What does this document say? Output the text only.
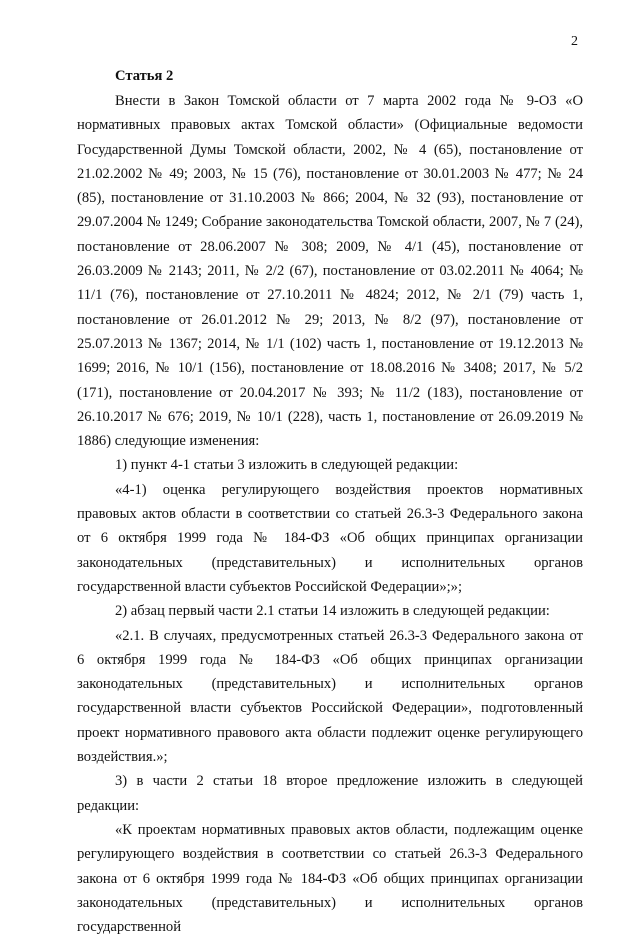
2
Статья 2

Внести в Закон Томской области от 7 марта 2002 года № 9-ОЗ «О нормативных правовых актах Томской области» (Официальные ведомости Государственной Думы Томской области, 2002, № 4 (65), постановление от 21.02.2002 № 49; 2003, № 15 (76), постановление от 30.01.2003 № 477; № 24 (85), постановление от 31.10.2003 № 866; 2004, № 32 (93), постановление от 29.07.2004 № 1249; Собрание законодательства Томской области, 2007, № 7 (24), постановление от 28.06.2007 № 308; 2009, № 4/1 (45), постановление от 26.03.2009 № 2143; 2011, № 2/2 (67), постановление от 03.02.2011 № 4064; № 11/1 (76), постановление от 27.10.2011 № 4824; 2012, № 2/1 (79) часть 1, постановление от 26.01.2012 № 29; 2013, № 8/2 (97), постановление от 25.07.2013 № 1367; 2014, № 1/1 (102) часть 1, постановление от 19.12.2013 № 1699; 2016, № 10/1 (156), постановление от 18.08.2016 № 3408; 2017, № 5/2 (171), постановление от 20.04.2017 № 393; № 11/2 (183), постановление от 26.10.2017 № 676; 2019, № 10/1 (228), часть 1, постановление от 26.09.2019 № 1886) следующие изменения:

1) пункт 4-1 статьи 3 изложить в следующей редакции:

«4-1) оценка регулирующего воздействия проектов нормативных правовых актов области в соответствии со статьей 26.3-3 Федерального закона от 6 октября 1999 года № 184-ФЗ «Об общих принципах организации законодательных (представительных) и исполнительных органов государственной власти субъектов Российской Федерации»;»;

2) абзац первый части 2.1 статьи 14 изложить в следующей редакции:

«2.1. В случаях, предусмотренных статьей 26.3-3 Федерального закона от 6 октября 1999 года № 184-ФЗ «Об общих принципах организации законодательных (представительных) и исполнительных органов государственной власти субъектов Российской Федерации», подготовленный проект нормативного правового акта области подлежит оценке регулирующего воздействия.»;

3) в части 2 статьи 18 второе предложение изложить в следующей редакции:

«К проектам нормативных правовых актов области, подлежащим оценке регулирующего воздействия в соответствии со статьей 26.3-3 Федерального закона от 6 октября 1999 года № 184-ФЗ «Об общих принципах организации законодательных (представительных) и исполнительных органов государственной
